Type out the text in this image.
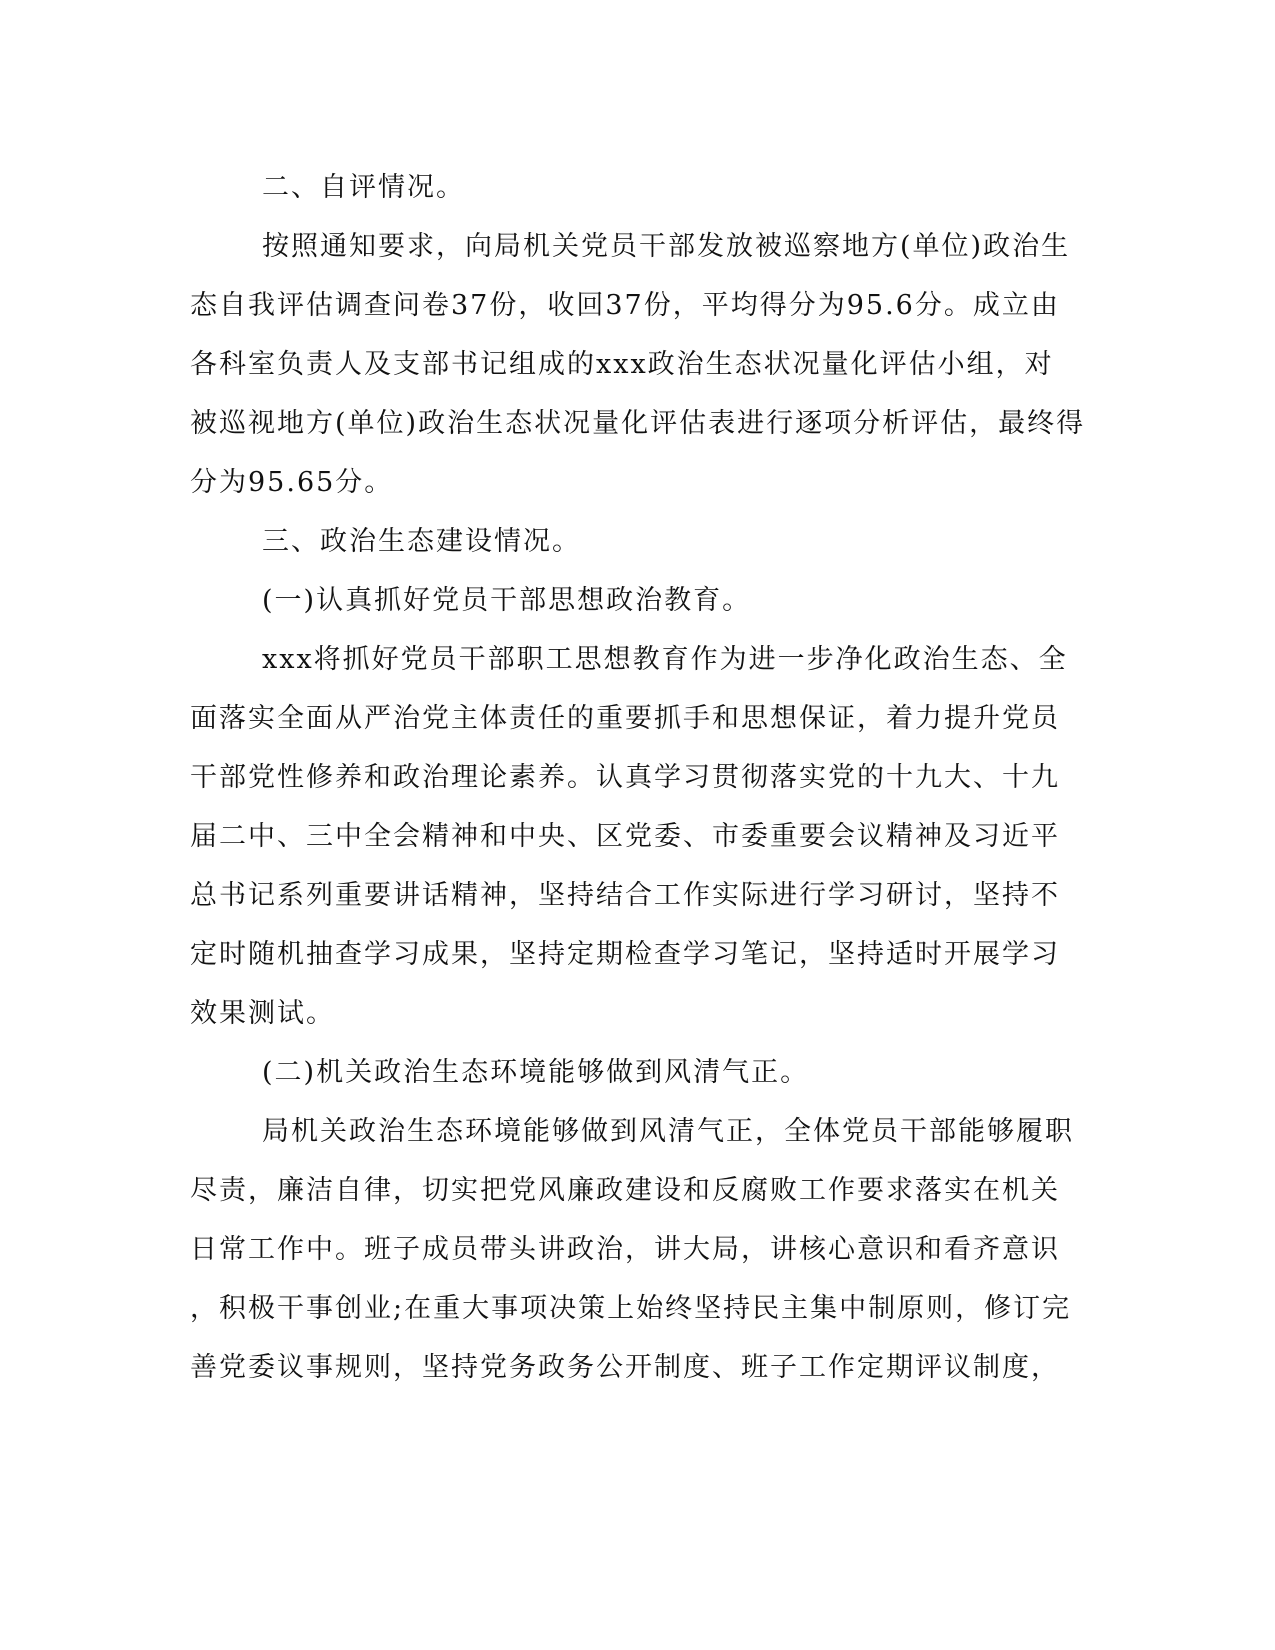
二、自评情况。
按照通知要求，向局机关党员干部发放被巡察地方(单位)政治生
态自我评估调查问卷37份，收回37份，平均得分为95.6分。成立由
各科室负责人及支部书记组成的xxx政治生态状况量化评估小组，对
被巡视地方(单位)政治生态状况量化评估表进行逐项分析评估，最终得
分为95.65分。
三、政治生态建设情况。
(一)认真抓好党员干部思想政治教育。
xxx将抓好党员干部职工思想教育作为进一步净化政治生态、全
面落实全面从严治党主体责任的重要抓手和思想保证，着力提升党员
干部党性修养和政治理论素养。认真学习贯彻落实党的十九大、十九
届二中、三中全会精神和中央、区党委、市委重要会议精神及习近平
总书记系列重要讲话精神，坚持结合工作实际进行学习研讨，坚持不
定时随机抽查学习成果，坚持定期检查学习笔记，坚持适时开展学习
效果测试。
(二)机关政治生态环境能够做到风清气正。
局机关政治生态环境能够做到风清气正，全体党员干部能够履职
尽责，廉洁自律，切实把党风廉政建设和反腐败工作要求落实在机关
日常工作中。班子成员带头讲政治，讲大局，讲核心意识和看齐意识
，积极干事创业;在重大事项决策上始终坚持民主集中制原则，修订完
善党委议事规则，坚持党务政务公开制度、班子工作定期评议制度，
